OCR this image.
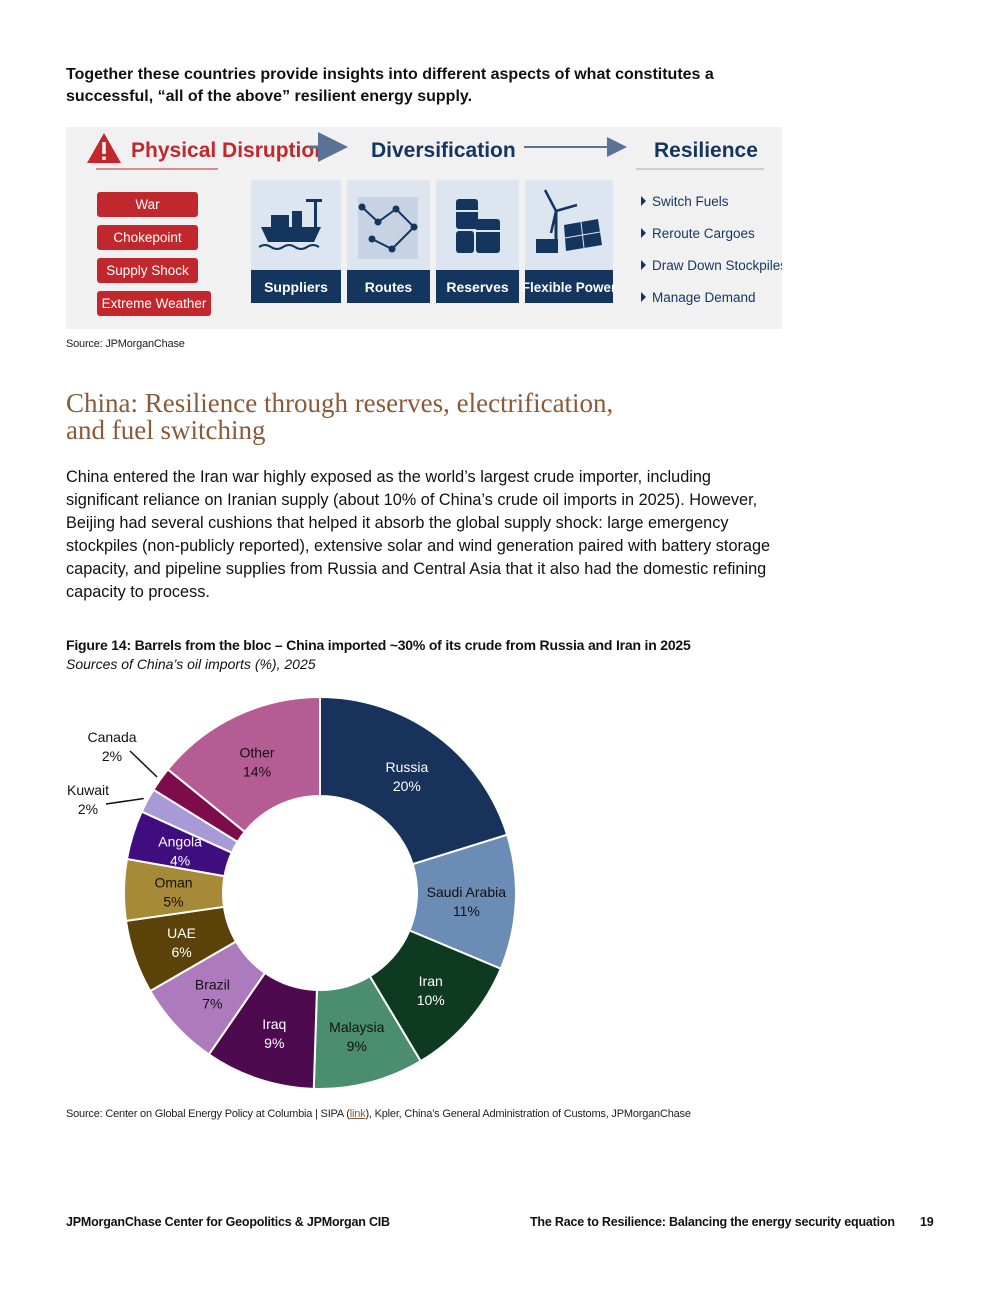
Together these countries provide insights into different aspects of what constitutes a successful, “all of the above” resilient energy supply.

Physical Disruption Diversification	Resilience
War
Chokepoint
Supply Shock
Extreme Weather
Suppliers	Routes Reserves Flexible Power
Switch Fuels
Reroute Cargoes
Draw Down Stockpiles
Manage Demand

Source: JPMorganChase

China: Resilience through reserves, electrification, and fuel switching

China entered the Iran war highly exposed as the world’s largest crude importer, including significant reliance on Iranian supply (about 10% of China’s crude oil imports in 2025). However, Beijing had several cushions that helped it absorb the global supply shock: large emergency stockpiles (non-publicly reported), extensive solar and wind generation paired with battery storage capacity, and pipeline supplies from Russia and Central Asia that it also had the domestic refining capacity to process.

Figure 14: Barrels from the bloc – China imported ~30% of its crude from Russia and Iran in 2025

Sources of China’s oil imports (%), 2025

Russia
20%
Saudi Arabia
11%
Iran
10%
Malaysia
9%
Iraq
9%
Brazil
7%
UAE
6%
Oman
5%
Angola
4%
Kuwait
2%
Canada
2%	Other
14%

Source: Center on Global Energy Policy at Columbia | SIPA (link), Kpler, China’s General Administration of Customs, JPMorganChase

JPMorganChase Center for Geopolitics & JPMorgan CIB	The Race to Resilience: Balancing the energy security equation 19
